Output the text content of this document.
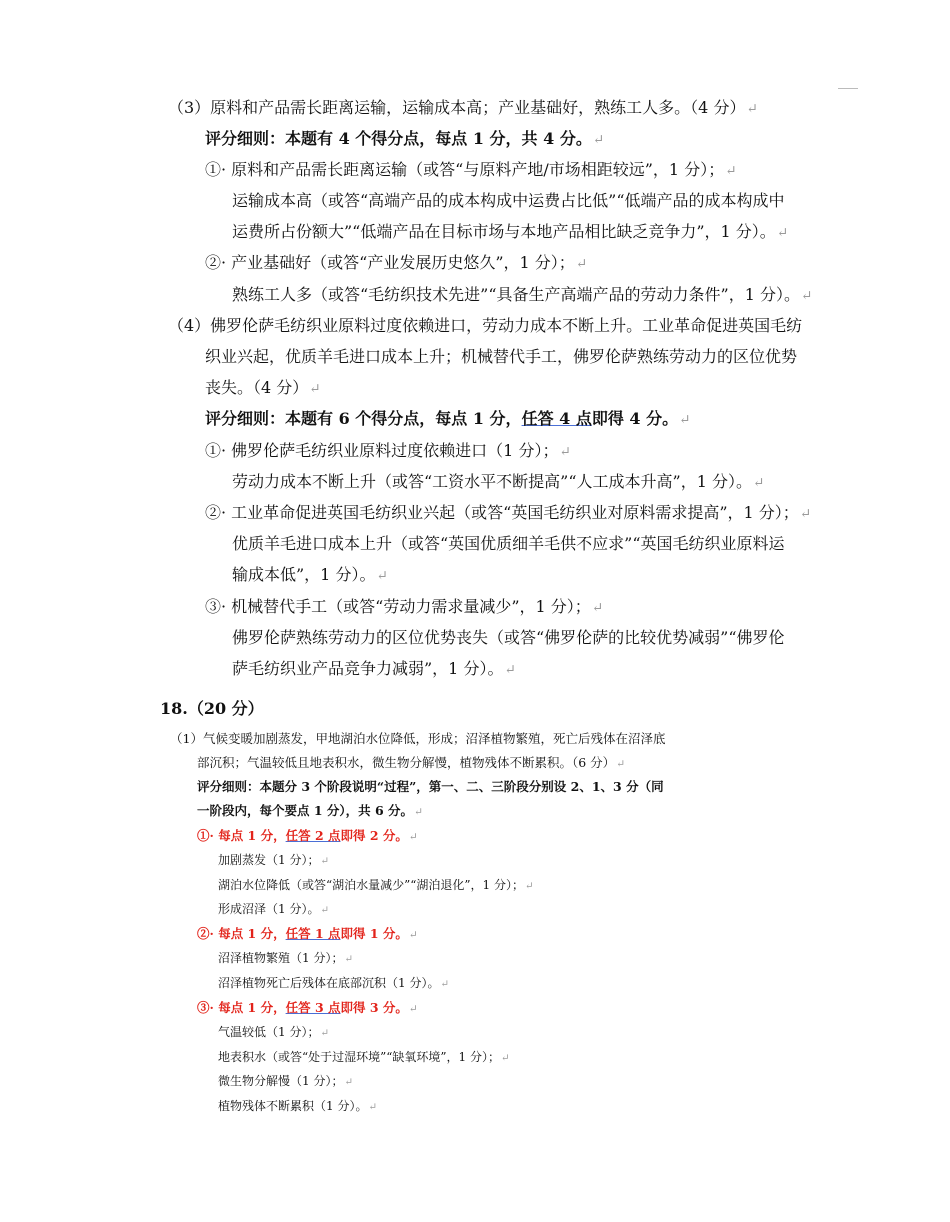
（3）原料和产品需长距离运输，运输成本高；产业基础好，熟练工人多。（4 分）↵
评分细则：本题有 4 个得分点，每点 1 分，共 4 分。↵
①· 原料和产品需长距离运输（或答“与原料产地/市场相距较远”，1 分）；↵
运输成本高（或答“高端产品的成本构成中运费占比低”“低端产品的成本构成中
运费所占份额大”“低端产品在目标市场与本地产品相比缺乏竞争力”，1 分）。↵
②· 产业基础好（或答“产业发展历史悠久”，1 分）；↵
熟练工人多（或答“毛纺织技术先进”“具备生产高端产品的劳动力条件”，1 分）。↵
（4）佛罗伦萨毛纺织业原料过度依赖进口，劳动力成本不断上升。工业革命促进英国毛纺
织业兴起，优质羊毛进口成本上升；机械替代手工，佛罗伦萨熟练劳动力的区位优势
丧失。（4 分）↵
评分细则：本题有 6 个得分点，每点 1 分，任答 4 点即得 4 分。↵
①· 佛罗伦萨毛纺织业原料过度依赖进口（1 分）；↵
劳动力成本不断上升（或答“工资水平不断提高”“人工成本升高”，1 分）。↵
②· 工业革命促进英国毛纺织业兴起（或答“英国毛纺织业对原料需求提高”，1 分）；↵
优质羊毛进口成本上升（或答“英国优质细羊毛供不应求”“英国毛纺织业原料运
输成本低”，1 分）。↵
③· 机械替代手工（或答“劳动力需求量减少”，1 分）；↵
佛罗伦萨熟练劳动力的区位优势丧失（或答“佛罗伦萨的比较优势减弱”“佛罗伦
萨毛纺织业产品竞争力减弱”，1 分）。↵
18.（20 分）
（1）气候变暖加剧蒸发，甲地湖泊水位降低，形成；沼泽植物繁殖，死亡后残体在沼泽底
部沉积；气温较低且地表积水，微生物分解慢，植物残体不断累积。（6 分）↵
评分细则：本题分 3 个阶段说明“过程”，第一、二、三阶段分别设 2、1、3 分（同
一阶段内，每个要点 1 分），共 6 分。↵
①· 每点 1 分，任答 2 点即得 2 分。↵
加剧蒸发（1 分）；↵
湖泊水位降低（或答“湖泊水量减少”“湖泊退化”，1 分）；↵
形成沼泽（1 分）。↵
②· 每点 1 分，任答 1 点即得 1 分。↵
沼泽植物繁殖（1 分）；↵
沼泽植物死亡后残体在底部沉积（1 分）。↵
③· 每点 1 分，任答 3 点即得 3 分。↵
气温较低（1 分）；↵
地表积水（或答“处于过湿环境”“缺氧环境”，1 分）；↵
微生物分解慢（1 分）；↵
植物残体不断累积（1 分）。↵
